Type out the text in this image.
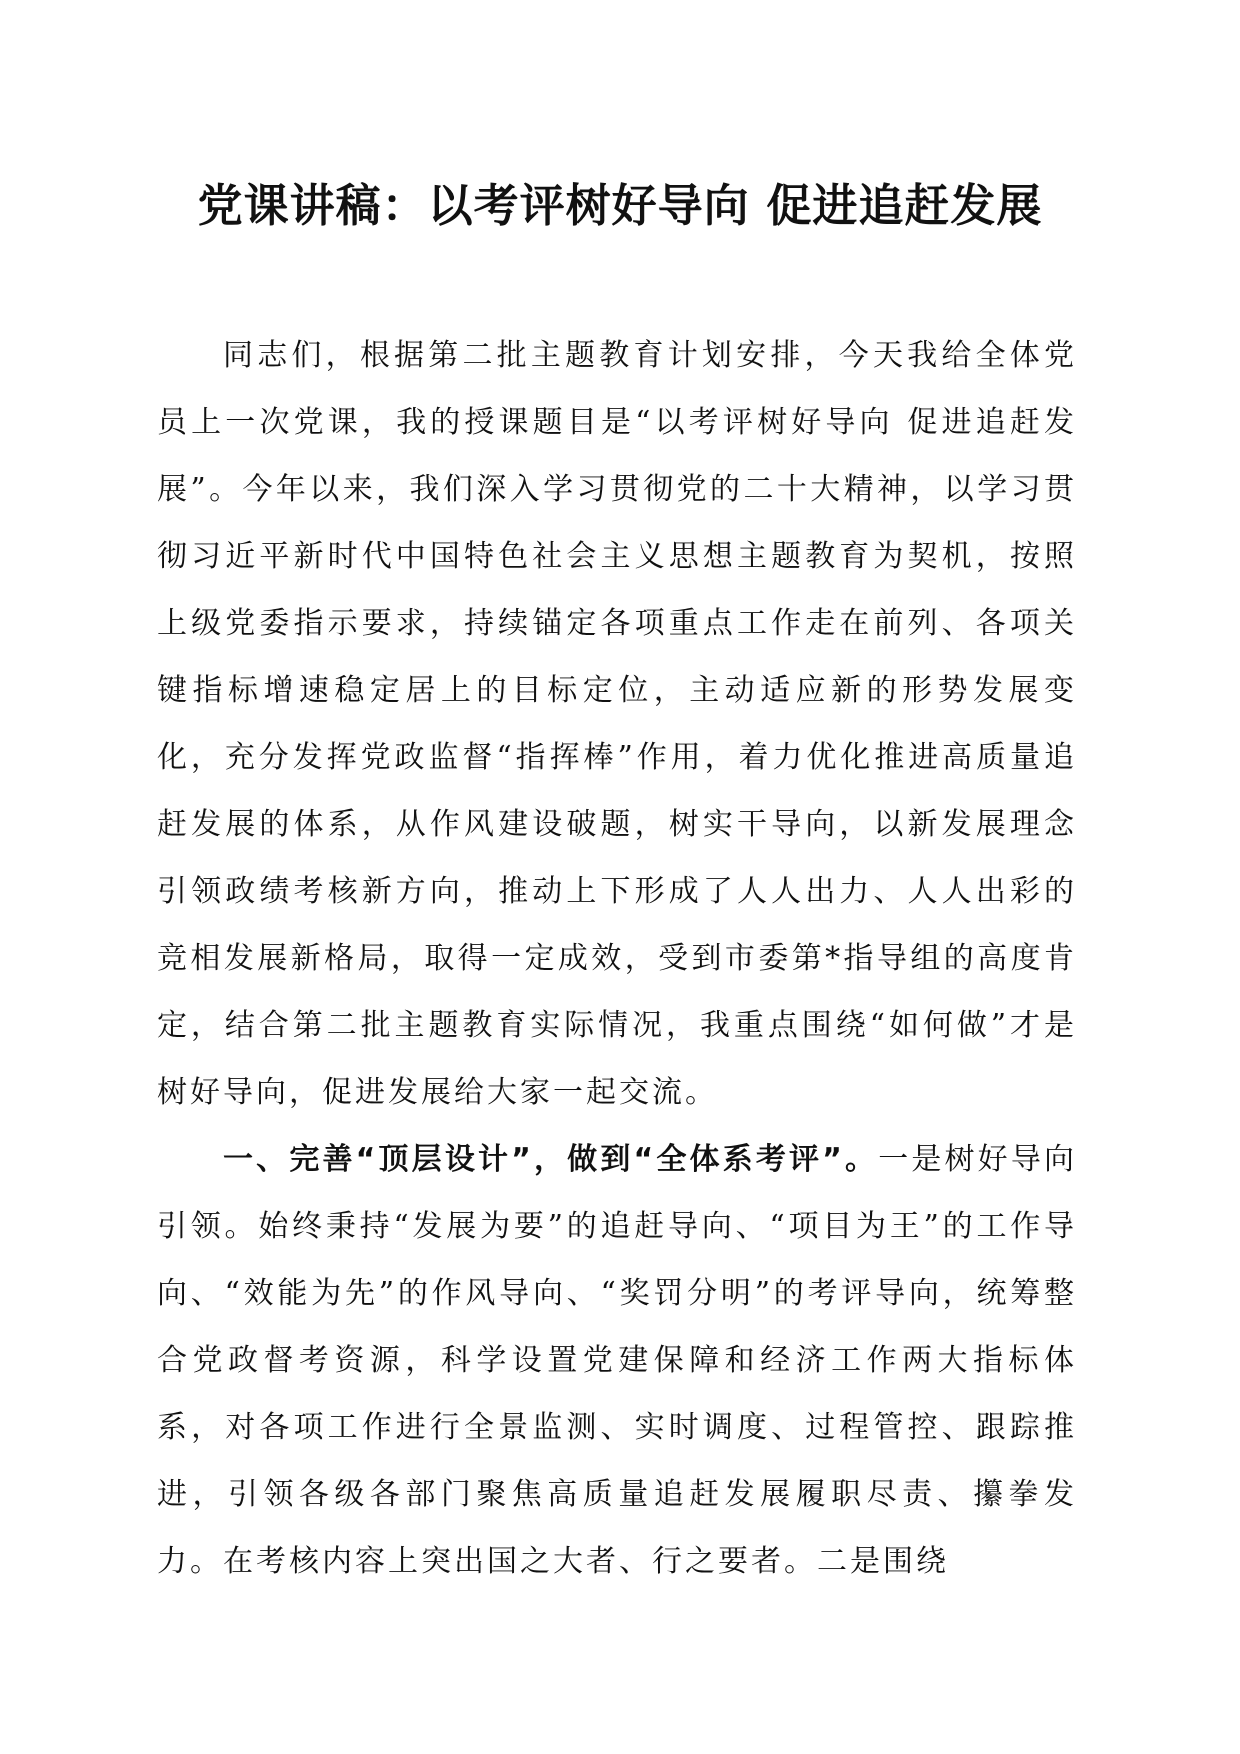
党课讲稿：以考评树好导向 促进追赶发展

同志们，根据第二批主题教育计划安排，今天我给全体党员上一次党课，我的授课题目是“以考评树好导向 促进追赶发展”。今年以来，我们深入学习贯彻党的二十大精神，以学习贯彻习近平新时代中国特色社会主义思想主题教育为契机，按照上级党委指示要求，持续锚定各项重点工作走在前列、各项关键指标增速稳定居上的目标定位，主动适应新的形势发展变化，充分发挥党政监督“指挥棒”作用，着力优化推进高质量追赶发展的体系，从作风建设破题，树实干导向，以新发展理念引领政绩考核新方向，推动上下形成了人人出力、人人出彩的竞相发展新格局，取得一定成效，受到市委第*指导组的高度肯定，结合第二批主题教育实际情况，我重点围绕“如何做”才是树好导向，促进发展给大家一起交流。

一、完善“顶层设计”，做到“全体系考评”。一是树好导向引领。始终秉持“发展为要”的追赶导向、“项目为王”的工作导向、“效能为先”的作风导向、“奖罚分明”的考评导向，统筹整合党政督考资源，科学设置党建保障和经济工作两大指标体系，对各项工作进行全景监测、实时调度、过程管控、跟踪推进，引领各级各部门聚焦高质量追赶发展履职尽责、攥拳发力。在考核内容上突出国之大者、行之要者。二是围绕
